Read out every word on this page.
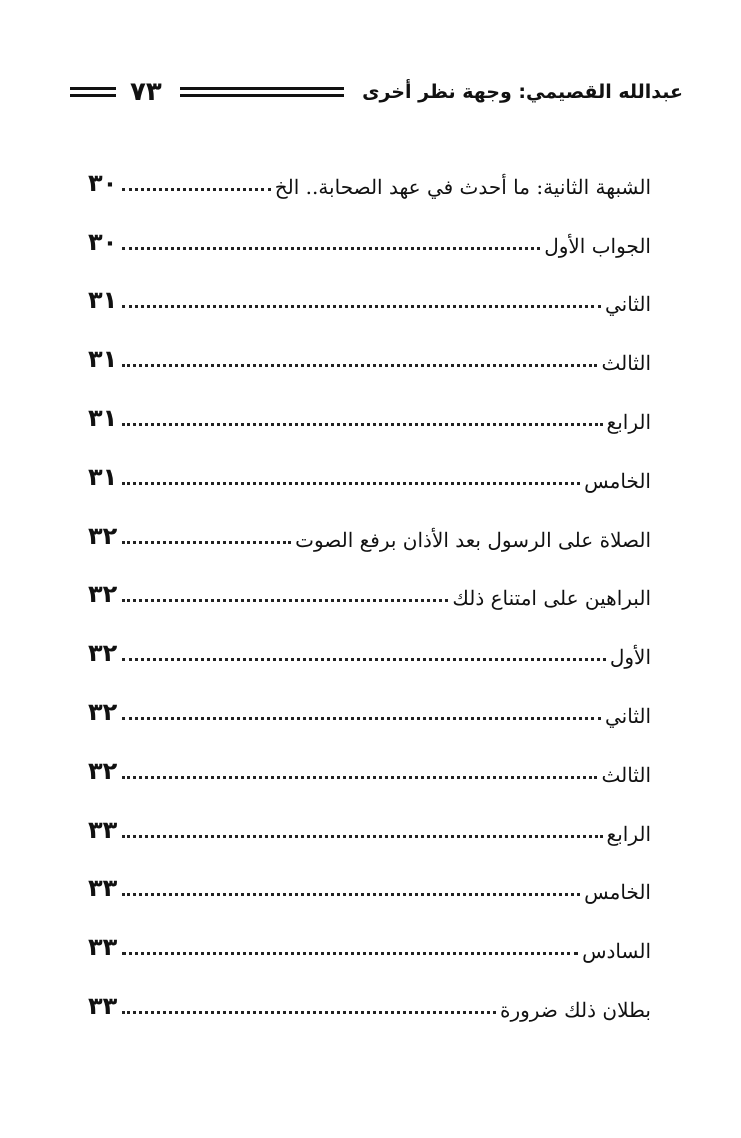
٧٣	عبدالله القصيمي: وجهة نظر أخرى
الشبهة الثانية: ما أحدث في عهد الصحابة.. الخ
٣٠
الجواب الأول
٣٠
الثاني
٣١
الثالث
٣١
الرابع
٣١
الخامس
٣١
الصلاة على الرسول بعد الأذان برفع الصوت
٣٢
البراهين على امتناع ذلك
٣٢
الأول
٣٢
الثاني
٣٢
الثالث
٣٢
الرابع
٣٣
الخامس
٣٣
السادس
٣٣
بطلان ذلك ضرورة
٣٣
